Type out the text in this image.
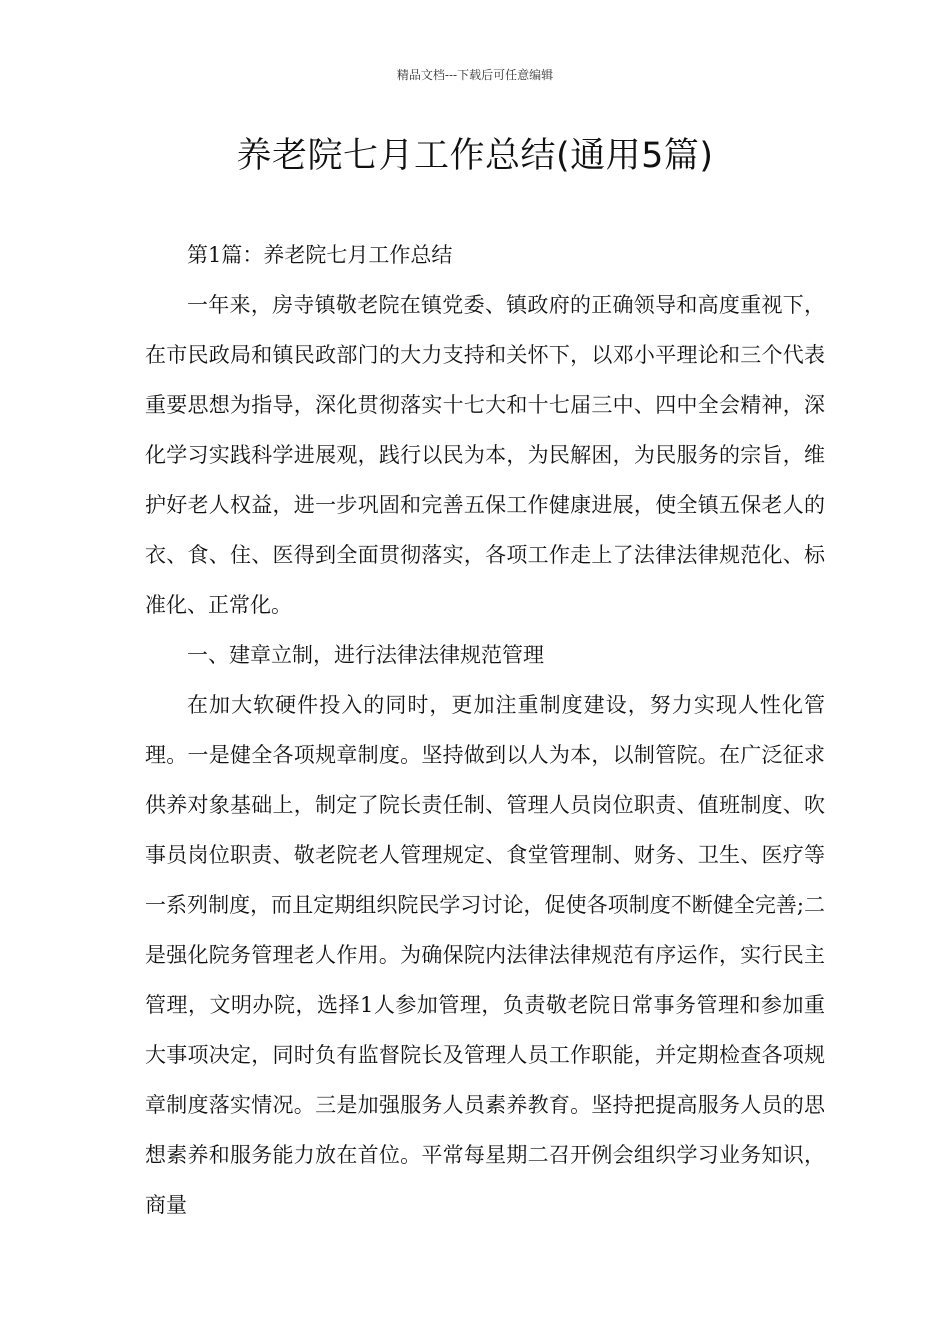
精品文档---下载后可任意编辑
养老院七月工作总结(通用5篇)

第1篇：养老院七月工作总结

一年来，房寺镇敬老院在镇党委、镇政府的正确领导和高度重视下，在市民政局和镇民政部门的大力支持和关怀下，以邓小平理论和三个代表重要思想为指导，深化贯彻落实十七大和十七届三中、四中全会精神，深化学习实践科学进展观，践行以民为本，为民解困，为民服务的宗旨，维护好老人权益，进一步巩固和完善五保工作健康进展，使全镇五保老人的衣、食、住、医得到全面贯彻落实，各项工作走上了法律法律规范化、标准化、正常化。

一、建章立制，进行法律法律规范管理

在加大软硬件投入的同时，更加注重制度建设，努力实现人性化管理。一是健全各项规章制度。坚持做到以人为本，以制管院。在广泛征求供养对象基础上，制定了院长责任制、管理人员岗位职责、值班制度、吹事员岗位职责、敬老院老人管理规定、食堂管理制、财务、卫生、医疗等一系列制度，而且定期组织院民学习讨论，促使各项制度不断健全完善;二是强化院务管理老人作用。为确保院内法律法律规范有序运作，实行民主管理，文明办院，选择1人参加管理，负责敬老院日常事务管理和参加重大事项决定，同时负有监督院长及管理人员工作职能，并定期检查各项规章制度落实情况。三是加强服务人员素养教育。坚持把提高服务人员的思想素养和服务能力放在首位。平常每星期二召开例会组织学习业务知识，商量
